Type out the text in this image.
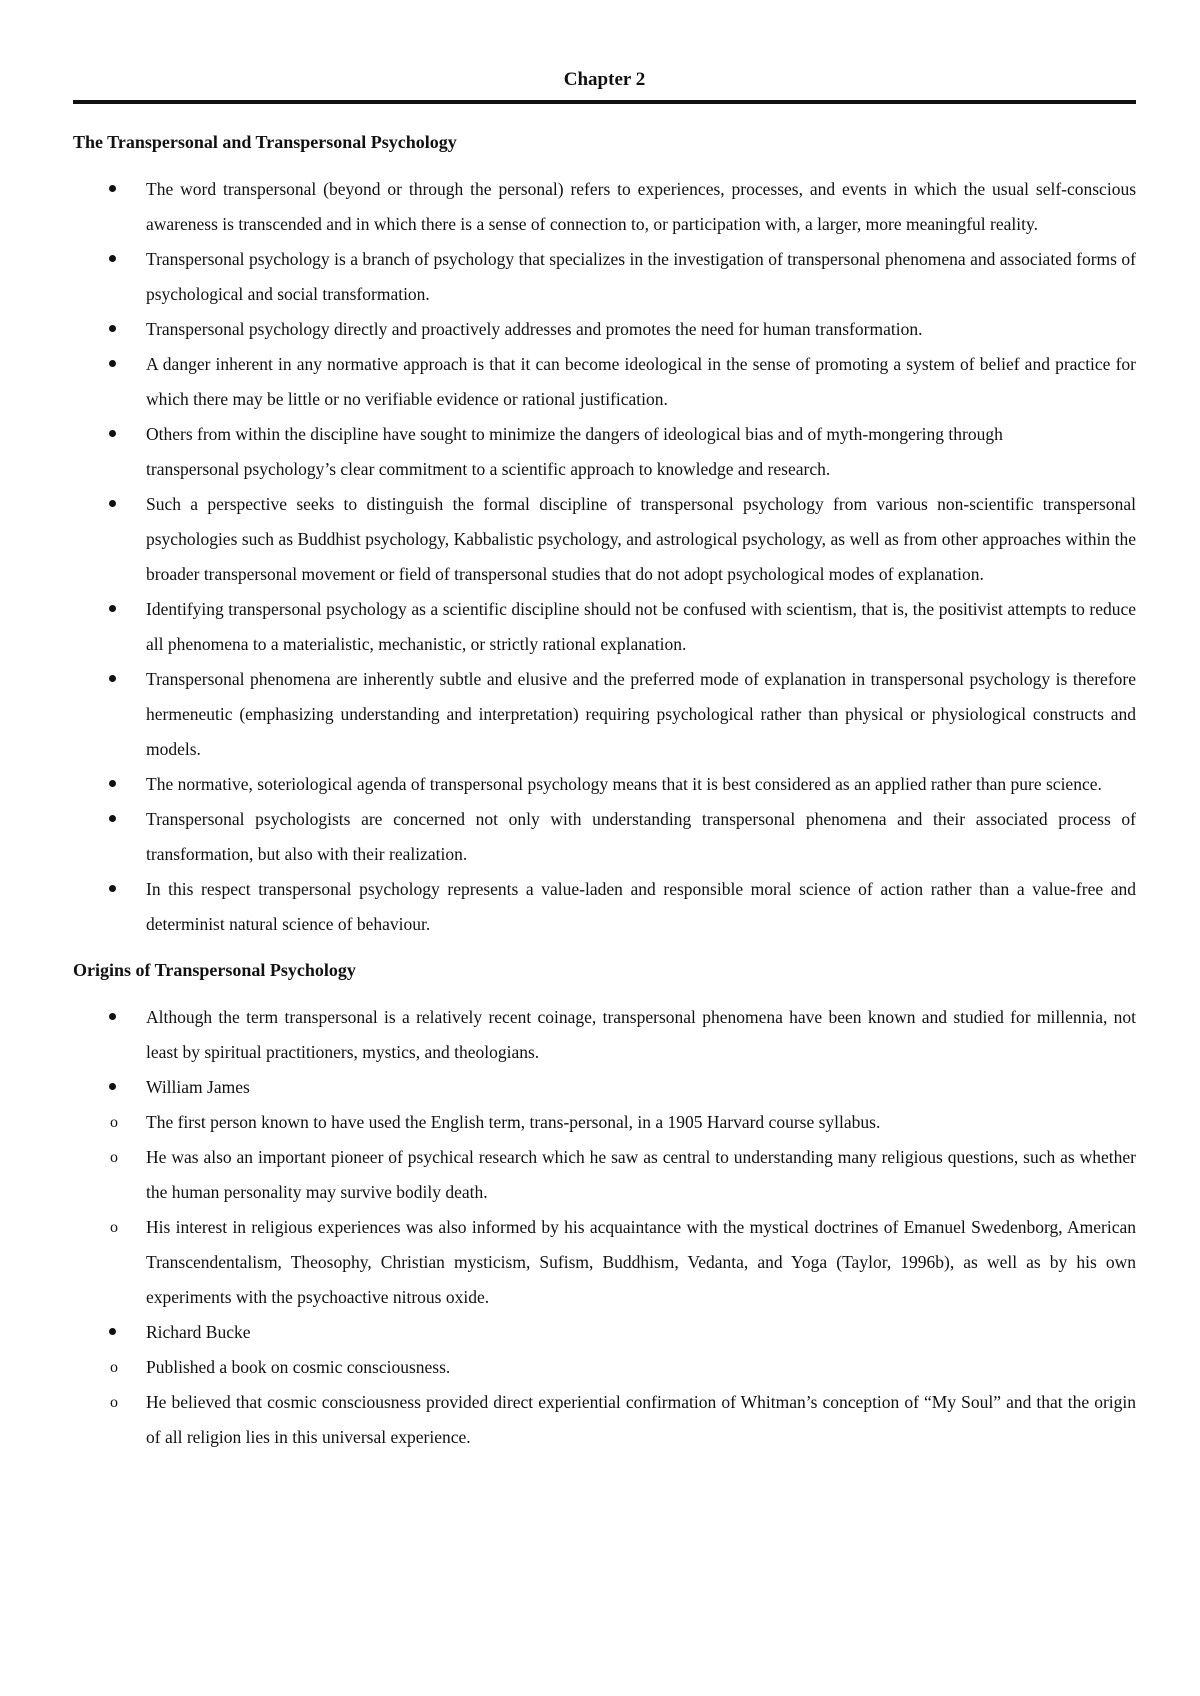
Chapter 2
The Transpersonal and Transpersonal Psychology
The word transpersonal (beyond or through the personal) refers to experiences, processes, and events in which the usual self-conscious awareness is transcended and in which there is a sense of connection to, or participation with, a larger, more meaningful reality.
Transpersonal psychology is a branch of psychology that specializes in the investigation of transpersonal phenomena and associated forms of psychological and social transformation.
Transpersonal psychology directly and proactively addresses and promotes the need for human transformation.
A danger inherent in any normative approach is that it can become ideological in the sense of promoting a system of belief and practice for which there may be little or no verifiable evidence or rational justification.
Others from within the discipline have sought to minimize the dangers of ideological bias and of myth-mongering through
transpersonal psychology’s clear commitment to a scientific approach to knowledge and research.
Such a perspective seeks to distinguish the formal discipline of transpersonal psychology from various non-scientific transpersonal psychologies such as Buddhist psychology, Kabbalistic psychology, and astrological psychology, as well as from other approaches within the broader transpersonal movement or field of transpersonal studies that do not adopt psychological modes of explanation.
Identifying transpersonal psychology as a scientific discipline should not be confused with scientism, that is, the positivist attempts to reduce all phenomena to a materialistic, mechanistic, or strictly rational explanation.
Transpersonal phenomena are inherently subtle and elusive and the preferred mode of explanation in transpersonal psychology is therefore hermeneutic (emphasizing understanding and interpretation) requiring psychological rather than physical or physiological constructs and models.
The normative, soteriological agenda of transpersonal psychology means that it is best considered as an applied rather than pure science.
Transpersonal psychologists are concerned not only with understanding transpersonal phenomena and their associated process of transformation, but also with their realization.
In this respect transpersonal psychology represents a value-laden and responsible moral science of action rather than a value-free and determinist natural science of behaviour.
Origins of Transpersonal Psychology
Although the term transpersonal is a relatively recent coinage, transpersonal phenomena have been known and studied for millennia, not least by spiritual practitioners, mystics, and theologians.
William James
o The first person known to have used the English term, trans-personal, in a 1905 Harvard course syllabus.
o He was also an important pioneer of psychical research which he saw as central to understanding many religious questions, such as whether the human personality may survive bodily death.
o His interest in religious experiences was also informed by his acquaintance with the mystical doctrines of Emanuel Swedenborg, American Transcendentalism, Theosophy, Christian mysticism, Sufism, Buddhism, Vedanta, and Yoga (Taylor, 1996b), as well as by his own experiments with the psychoactive nitrous oxide.
Richard Bucke
o Published a book on cosmic consciousness.
o He believed that cosmic consciousness provided direct experiential confirmation of Whitman’s conception of “My Soul” and that the origin of all religion lies in this universal experience.
